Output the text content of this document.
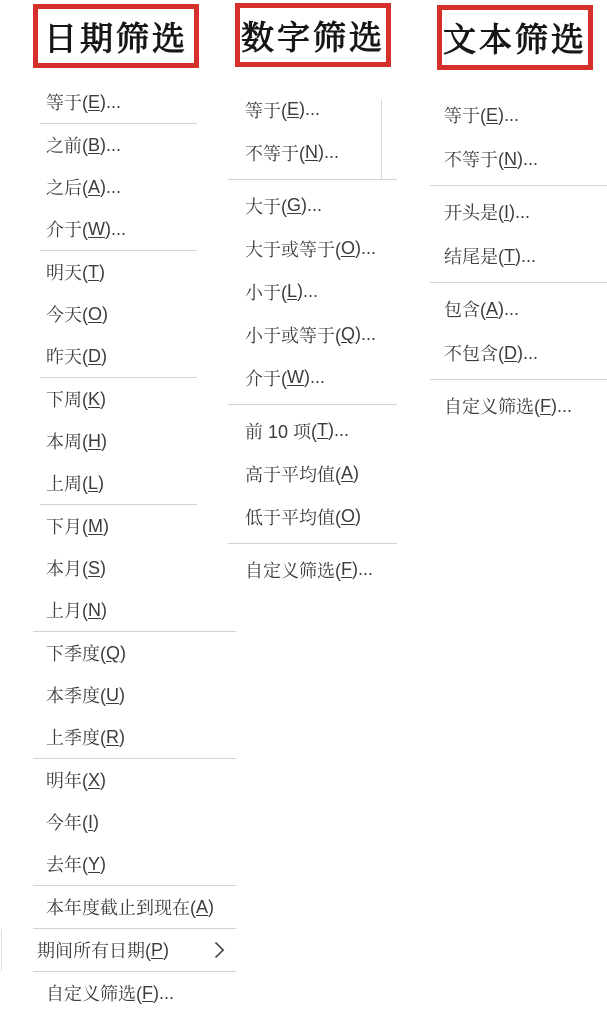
日期筛选 数字筛选 文本筛选
等于( E )...
之前( B )...
之后( A )...
介于( W )...
明天( T )
今天( O )
昨天( D )
下周( K )
本周( H )
上周( L )
下月( M )
本月( S )
上月( N )
下季度( Q )
本季度( U )
上季度( R )
明年( X )
今年( I )
去年( Y )
本年度截止到现在( A )
期间所有日期( P )
自定义筛选( F )...
等于( E )...
不等于( N )...
大于( G )...
大于或等于( O )...
小于( L )...
小于或等于( Q )...
介于( W )...
前 10 项( T )...
高于平均值( A )
低于平均值( O )
自定义筛选( F )...
等于( E )...
不等于( N )...
开头是( I )...
结尾是( T )...
包含( A )...
不包含( D )...
自定义筛选( F )...
